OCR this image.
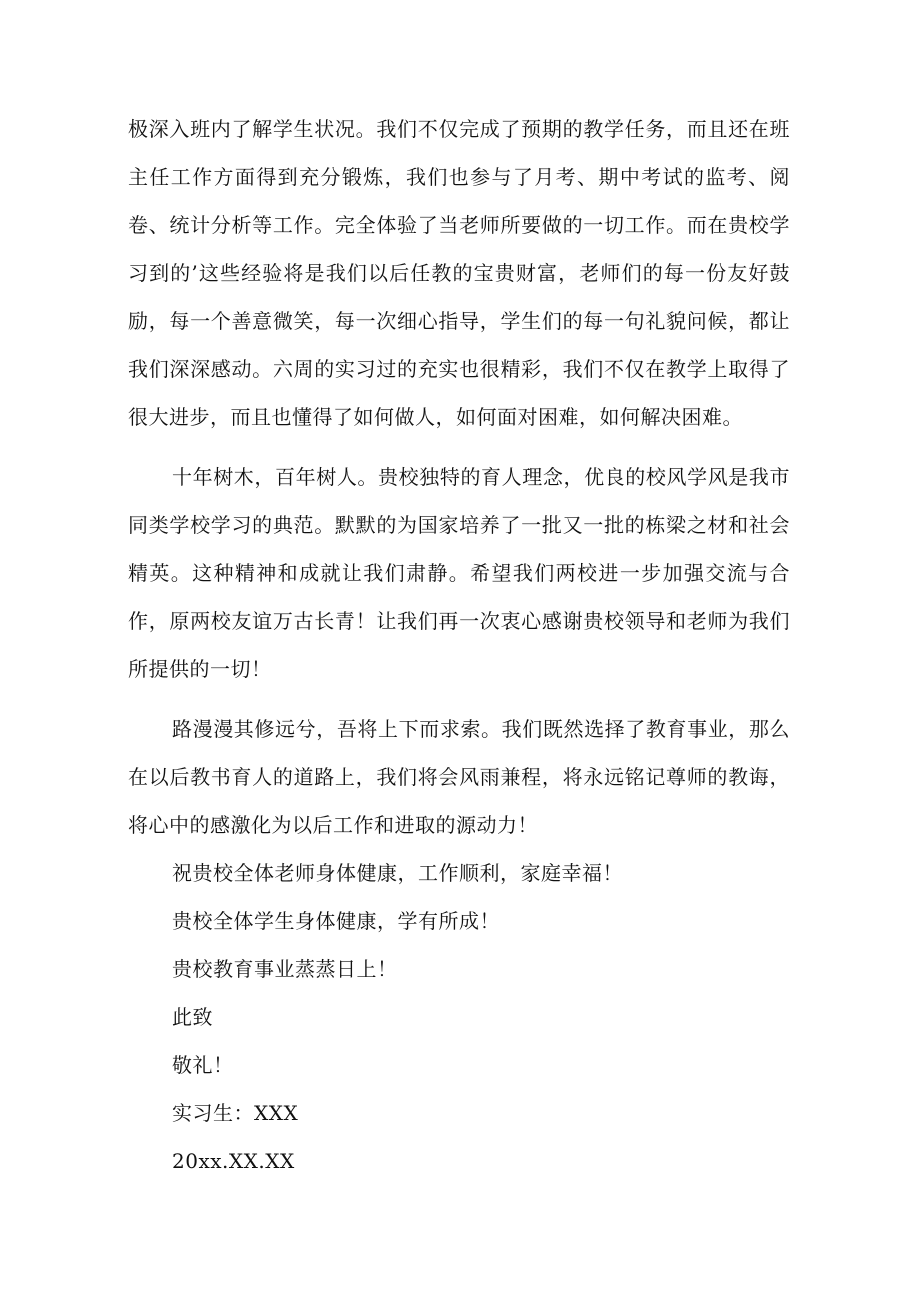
极深入班内了解学生状况。我们不仅完成了预期的教学任务，而且还在班主任工作方面得到充分锻炼，我们也参与了月考、期中考试的监考、阅卷、统计分析等工作。完全体验了当老师所要做的一切工作。而在贵校学习到的’这些经验将是我们以后任教的宝贵财富，老师们的每一份友好鼓励，每一个善意微笑，每一次细心指导，学生们的每一句礼貌问候，都让我们深深感动。六周的实习过的充实也很精彩，我们不仅在教学上取得了很大进步，而且也懂得了如何做人，如何面对困难，如何解决困难。

十年树木，百年树人。贵校独特的育人理念，优良的校风学风是我市同类学校学习的典范。默默的为国家培养了一批又一批的栋梁之材和社会精英。这种精神和成就让我们肃静。希望我们两校进一步加强交流与合作，原两校友谊万古长青！让我们再一次衷心感谢贵校领导和老师为我们所提供的一切！

路漫漫其修远兮，吾将上下而求索。我们既然选择了教育事业，那么在以后教书育人的道路上，我们将会风雨兼程，将永远铭记尊师的教诲，将心中的感激化为以后工作和进取的源动力！

祝贵校全体老师身体健康，工作顺利，家庭幸福！

贵校全体学生身体健康，学有所成！

贵校教育事业蒸蒸日上！

此致

敬礼！

实习生：XXX

20xx.XX.XX
